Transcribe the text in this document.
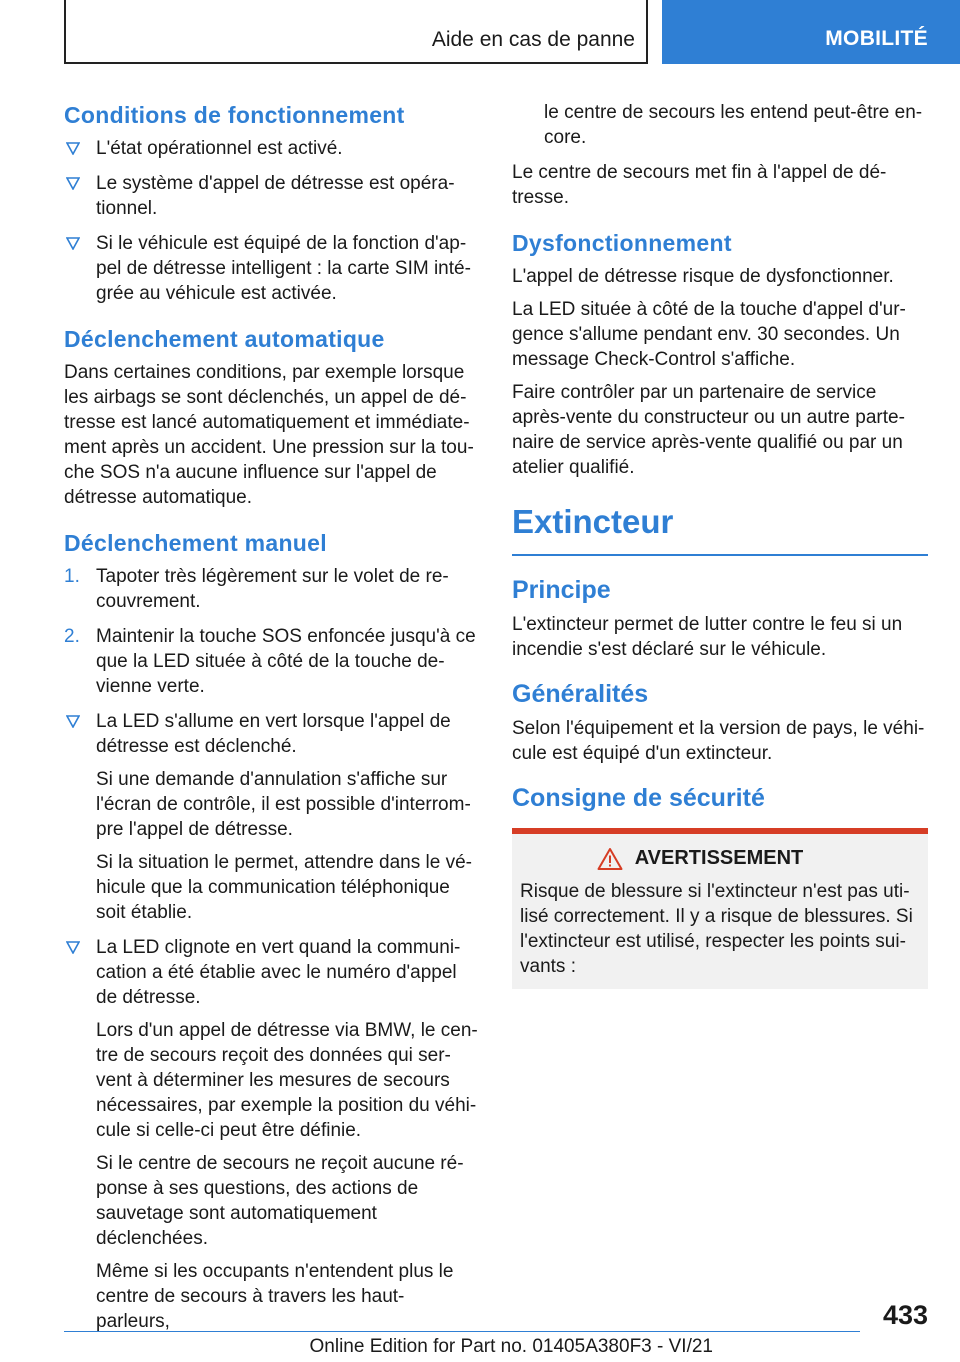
Aide en cas de panne	MOBILITÉ
Conditions de fonctionnement
L'état opérationnel est activé.
Le système d'appel de détresse est opérationnel.
Si le véhicule est équipé de la fonction d'appel de détresse intelligent : la carte SIM intégrée au véhicule est activée.
Déclenchement automatique

Dans certaines conditions, par exemple lorsque les airbags se sont déclenchés, un appel de détresse est lancé automatiquement et immédiatement après un accident. Une pression sur la touche SOS n'a aucune influence sur l'appel de détresse automatique.

Déclenchement manuel
1. Tapoter très légèrement sur le volet de recouvrement.
2. Maintenir la touche SOS enfoncée jusqu'à ce que la LED située à côté de la touche devienne verte.
La LED s'allume en vert lorsque l'appel de détresse est déclenché.
Si une demande d'annulation s'affiche sur l'écran de contrôle, il est possible d'interrompre l'appel de détresse.
Si la situation le permet, attendre dans le véhicule que la communication téléphonique soit établie.
La LED clignote en vert quand la communication a été établie avec le numéro d'appel de détresse.
Lors d'un appel de détresse via BMW, le centre de secours reçoit des données qui servent à déterminer les mesures de secours nécessaires, par exemple la position du véhicule si celle-ci peut être définie.
Si le centre de secours ne reçoit aucune réponse à ses questions, des actions de sauvetage sont automatiquement déclenchées.
Même si les occupants n'entendent plus le centre de secours à travers les haut-parleurs,
le centre de secours les entend peut-être encore.

Le centre de secours met fin à l'appel de détresse.

Dysfonctionnement

L'appel de détresse risque de dysfonctionner.

La LED située à côté de la touche d'appel d'urgence s'allume pendant env. 30 secondes. Un message Check-Control s'affiche.

Faire contrôler par un partenaire de service après-vente du constructeur ou un autre partenaire de service après-vente qualifié ou par un atelier qualifié.

Extincteur
Principe

L'extincteur permet de lutter contre le feu si un incendie s'est déclaré sur le véhicule.

Généralités

Selon l'équipement et la version de pays, le véhicule est équipé d'un extincteur.

Consigne de sécurité
AVERTISSEMENT
Risque de blessure si l'extincteur n'est pas utilisé correctement. Il y a risque de blessures. Si l'extincteur est utilisé, respecter les points suivants :
433
Online Edition for Part no. 01405A380F3 - VI/21
